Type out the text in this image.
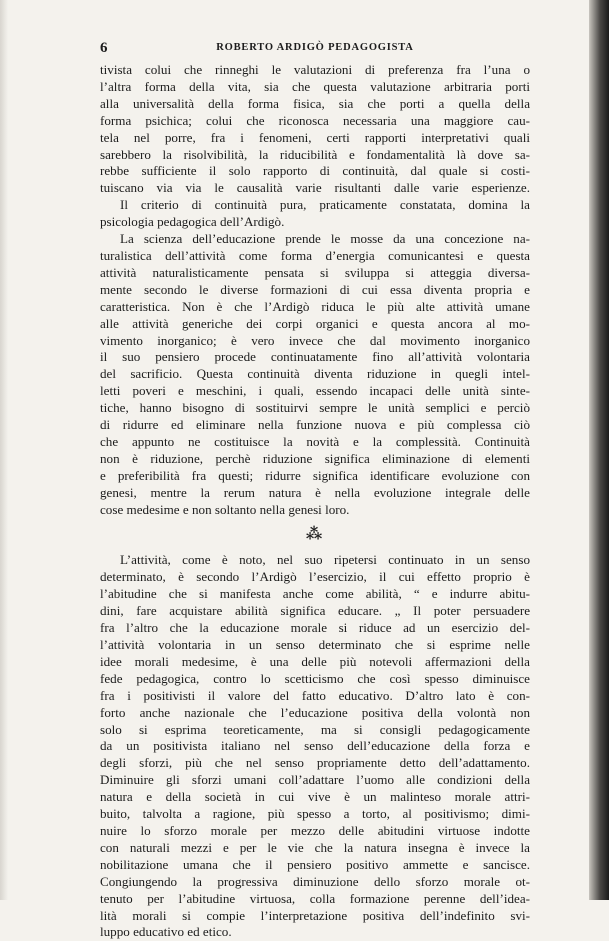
6	ROBERTO ARDIGÒ PEDAGOGISTA
tivista colui che rinneghi le valutazioni di preferenza fra l’una o
l’altra forma della vita, sia che questa valutazione arbitraria porti
alla universalità della forma fisica, sia che porti a quella della
forma psichica; colui che riconosca necessaria una maggiore cau-
tela nel porre, fra i fenomeni, certi rapporti interpretativi quali
sarebbero la risolvibilità, la riducibilità e fondamentalità là dove sa-
rebbe sufficiente il solo rapporto di continuità, dal quale si costi-
tuiscano via via le causalità varie risultanti dalle varie esperienze.
Il criterio di continuità pura, praticamente constatata, domina la
psicologia pedagogica dell’Ardigò.
La scienza dell’educazione prende le mosse da una concezione na-
turalistica dell’attività come forma d’energia comunicantesi e questa
attività naturalisticamente pensata si sviluppa si atteggia diversa-
mente secondo le diverse formazioni di cui essa diventa propria e
caratteristica. Non è che l’Ardigò riduca le più alte attività umane
alle attività generiche dei corpi organici e questa ancora al mo-
vimento inorganico; è vero invece che dal movimento inorganico
il suo pensiero procede continuatamente fino all’attività volontaria
del sacrificio. Questa continuità diventa riduzione in quegli intel-
letti poveri e meschini, i quali, essendo incapaci delle unità sinte-
tiche, hanno bisogno di sostituirvi sempre le unità semplici e perciò
di ridurre ed eliminare nella funzione nuova e più complessa ciò
che appunto ne costituisce la novità e la complessità. Continuità
non è riduzione, perchè riduzione significa eliminazione di elementi
e preferibilità fra questi; ridurre significa identificare evoluzione con
genesi, mentre la rerum natura è nella evoluzione integrale delle
cose medesime e non soltanto nella genesi loro.
⁂
L’attività, come è noto, nel suo ripetersi continuato in un senso
determinato, è secondo l’Ardigò l’esercizio, il cui effetto proprio è
l’abitudine che si manifesta anche come abilità, “ e indurre abitu-
dini, fare acquistare abilità significa educare. „ Il poter persuadere
fra l’altro che la educazione morale si riduce ad un esercizio del-
l’attività volontaria in un senso determinato che si esprime nelle
idee morali medesime, è una delle più notevoli affermazioni della
fede pedagogica, contro lo scetticismo che così spesso diminuisce
fra i positivisti il valore del fatto educativo. D’altro lato è con-
forto anche nazionale che l’educazione positiva della volontà non
solo si esprima teoreticamente, ma si consigli pedagogicamente
da un positivista italiano nel senso dell’educazione della forza e
degli sforzi, più che nel senso propriamente detto dell’adattamento.
Diminuire gli sforzi umani coll’adattare l’uomo alle condizioni della
natura e della società in cui vive è un malinteso morale attri-
buito, talvolta a ragione, più spesso a torto, al positivismo; dimi-
nuire lo sforzo morale per mezzo delle abitudini virtuose indotte
con naturali mezzi e per le vie che la natura insegna è invece la
nobilitazione umana che il pensiero positivo ammette e sancisce.
Congiungendo la progressiva diminuzione dello sforzo morale ot-
tenuto per l’abitudine virtuosa, colla formazione perenne dell’idea-
lità morali si compie l’interpretazione positiva dell’indefinito svi-
luppo educativo ed etico.
